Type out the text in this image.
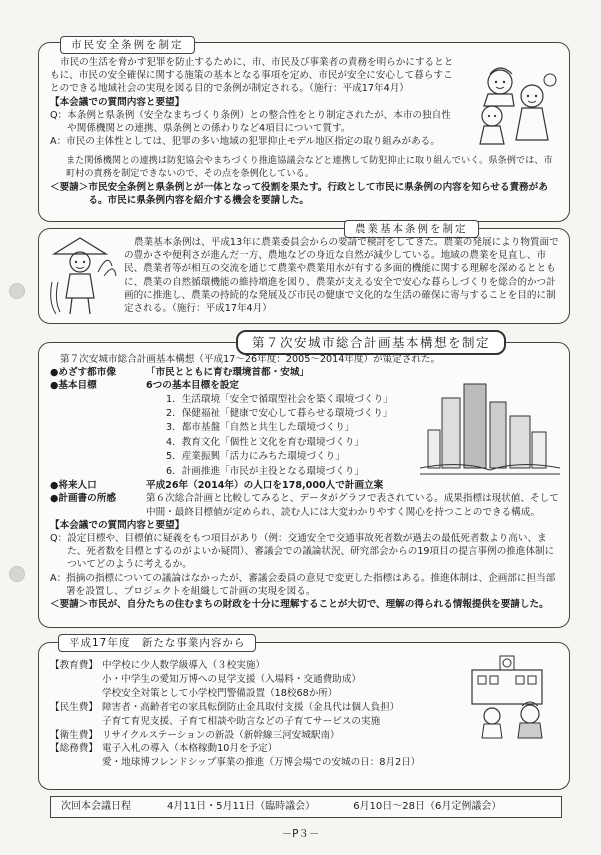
市民安全条例を制定

市民の生活を脅かす犯罪を防止するために、市、市民及び事業者の責務を明らかにするとともに、市民の安全確保に関する施策の基本となる事項を定め、市民が安全に安心して暮らすことのできる地域社会の実現を図る目的で条例が制定される。（施行：平成17年4月）

【本会議での質問内容と要望】

Q： 本条例と県条例（安全なまちづくり条例）との整合性をとり制定されたが、本市の独自性や関係機関との連携、県条例との係わりなど4項目について質す。
A： 市民の主体性としては、犯罪の多い地域の犯罪抑止モデル地区指定の取り組みがある。
＜要請＞ 市民安全条例と県条例とが一体となって役割を果たす。行政として市民に県条例の内容を知らせる責務がある。市民に県条例内容を紹介する機会を要請した。

また関係機関との連携は防犯協会やまちづくり推進協議会などと連携して防犯抑止に取り組んでいく。県条例では、市町村の責務を制定できないので、その点を条例化している。

農業基本条例を制定

農業基本条例は、平成13年に農業委員会からの要請で検討をしてきた。農業の発展により物質面での豊かさや便利さが進んだ一方、農地などの身近な自然が減少している。地域の農業を見直し、市民、農業者等が相互の交流を通じて農業や農業用水が有する多面的機能に関する理解を深めるとともに、農業の自然循環機能の維持増進を図り、農業が支える安全で安心な暮らしづくりを総合的かつ計画的に推進し、農業の持続的な発展及び市民の健康で文化的な生活の確保に寄与することを目的に制定される。（施行：平成17年4月）

第７次安城市総合計画基本構想を制定

第７次安城市総合計画基本構想（平成17～26年度：2005～2014年度）が策定された。

●めざす都市像	「市民とともに育む環境首都・安城」
●基本目標	6つの基本目標を設定

1．生活環境「安全で循環型社会を築く環境づくり」

2．保健福祉「健康で安心して暮らせる環境づくり」

3．都市基盤「自然と共生した環境づくり」

4．教育文化「個性と文化を育む環境づくり」

5．産業振興「活力にみちた環境づくり」

6．計画推進「市民が主役となる環境づくり」

●将来人口	平成26年（2014年）の人口を178,000人で計画立案
●計画書の所感	第６次総合計画と比較してみると、データがグラフで表されている。成果指標は現状値、そして中間・最終目標値が定められ、読む人には大変わかりやすく関心を持つことのできる構成。

【本会議での質問内容と要望】

Q： 設定目標や、目標値に疑義をもつ項目があり（例：交通安全で交通事故死者数が過去の最低死者数より高い、また、死者数を目標とするのがよいか疑問）、審議会での議論状況、研究部会からの19項目の提言事例の推進体制についてどのように考えるか。
A： 指摘の指標についての議論はなかったが、審議会委員の意見で変更した指標はある。推進体制は、企画部に担当部署を設置し、プロジェクトを組織して計画の実現を図る。
＜要請＞ 市民が、自分たちの住むまちの財政を十分に理解することが大切で、理解の得られる情報提供を要請した。
平成17年度　新たな事業内容から
【教育費】 中学校に少人数学級導入（３校実施）

小・中学生の愛知万博への見学支援（入場料・交通費助成）

学校安全対策として小学校門警備設置（18校68か所）

【民生費】 障害者・高齢者宅の家具転倒防止金具取付支援（金具代は個人負担）

子育て育児支援、子育て相談や助言などの子育てサービスの実施

【衛生費】 リサイクルステーションの新設（新幹線三河安城駅南）

【総務費】 電子入札の導入（本格稼動10月を予定）

愛・地球博フレンドシップ事業の推進（万博会場での安城の日：8月2日）

次回本会議日程	4月11日・5月11日（臨時議会）	6月10日～28日（6月定例議会）
－P３－
